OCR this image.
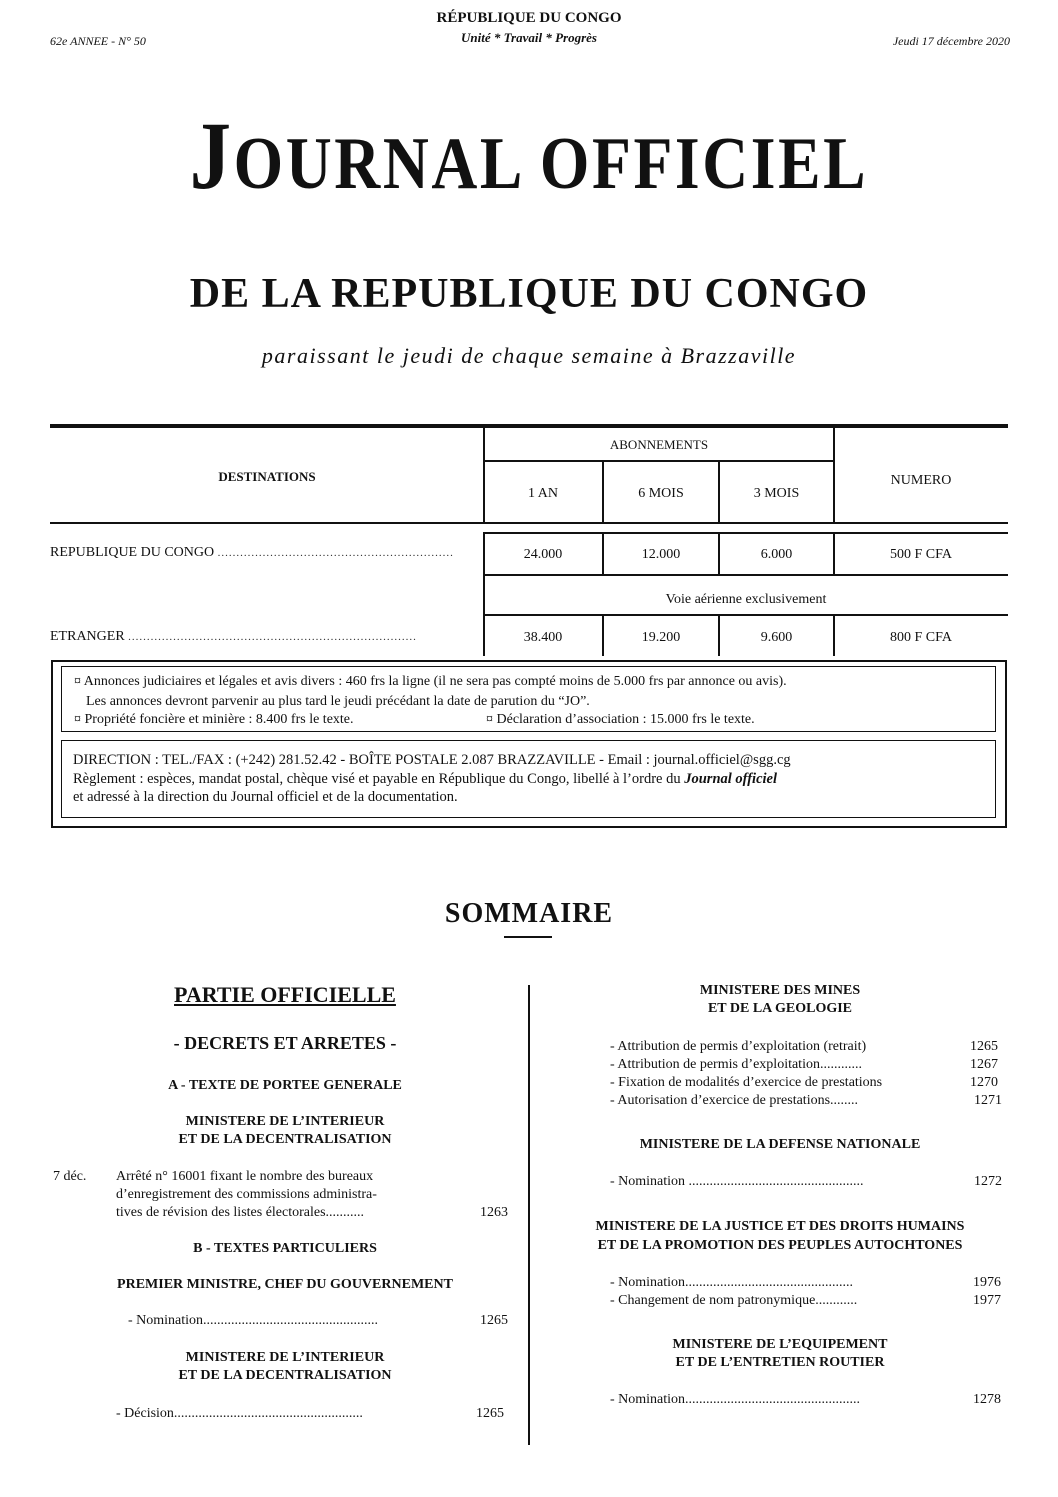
62e ANNEE - N° 50
RÉPUBLIQUE DU CONGO
Unité * Travail * Progrès	Jeudi 17 décembre 2020
JOURNAL OFFICIEL
DE LA REPUBLIQUE DU CONGO
paraissant le jeudi de chaque semaine à Brazzaville
DESTINATIONS
ABONNEMENTS
1 AN	6 MOIS	3 MOIS
NUMERO
REPUBLIQUE DU CONGO ...............................................................	24.000	12.000	6.000	500 F CFA
Voie aérienne exclusivement
ETRANGER .............................................................................	38.400	19.200	9.600	800 F CFA
¤ Annonces judiciaires et légales et avis divers : 460 frs la ligne (il ne sera pas compté moins de 5.000 frs par annonce ou avis).
Les annonces devront parvenir au plus tard le jeudi précédant la date de parution du “JO”.
¤ Propriété foncière et minière : 8.400 frs le texte.	¤ Déclaration d’association : 15.000 frs le texte.
DIRECTION : TEL./FAX : (+242) 281.52.42 - BOÎTE POSTALE 2.087 BRAZZAVILLE - Email : journal.officiel@sgg.cg
Règlement : espèces, mandat postal, chèque visé et payable en République du Congo, libellé à l’ordre du Journal officiel
et adressé à la direction du Journal officiel et de la documentation.
SOMMAIRE
PARTIE OFFICIELLE
- DECRETS ET ARRETES -
A - TEXTE DE PORTEE GENERALE
MINISTERE DE L’INTERIEUR
ET DE LA DECENTRALISATION
7 déc. Arrêté n° 16001 fixant le nombre des bureaux
d’enregistrement des commissions administra-
tives de révision des listes électorales...........	1263
B - TEXTES PARTICULIERS
PREMIER MINISTRE, CHEF DU GOUVERNEMENT
- Nomination..................................................	1265
MINISTERE DE L’INTERIEUR
ET DE LA DECENTRALISATION
- Décision......................................................	1265
MINISTERE DES MINES
ET DE LA GEOLOGIE
- Attribution de permis d’exploitation (retrait)	1265
- Attribution de permis d’exploitation............	1267
- Fixation de modalités d’exercice de prestations	1270
- Autorisation d’exercice de prestations........	1271
MINISTERE DE LA DEFENSE NATIONALE
- Nomination ..................................................	1272
MINISTERE DE LA JUSTICE ET DES DROITS HUMAINS
ET DE LA PROMOTION DES PEUPLES AUTOCHTONES
- Nomination................................................	1976
- Changement de nom patronymique............	1977
MINISTERE DE L’EQUIPEMENT
ET DE L’ENTRETIEN ROUTIER
- Nomination..................................................	1278
